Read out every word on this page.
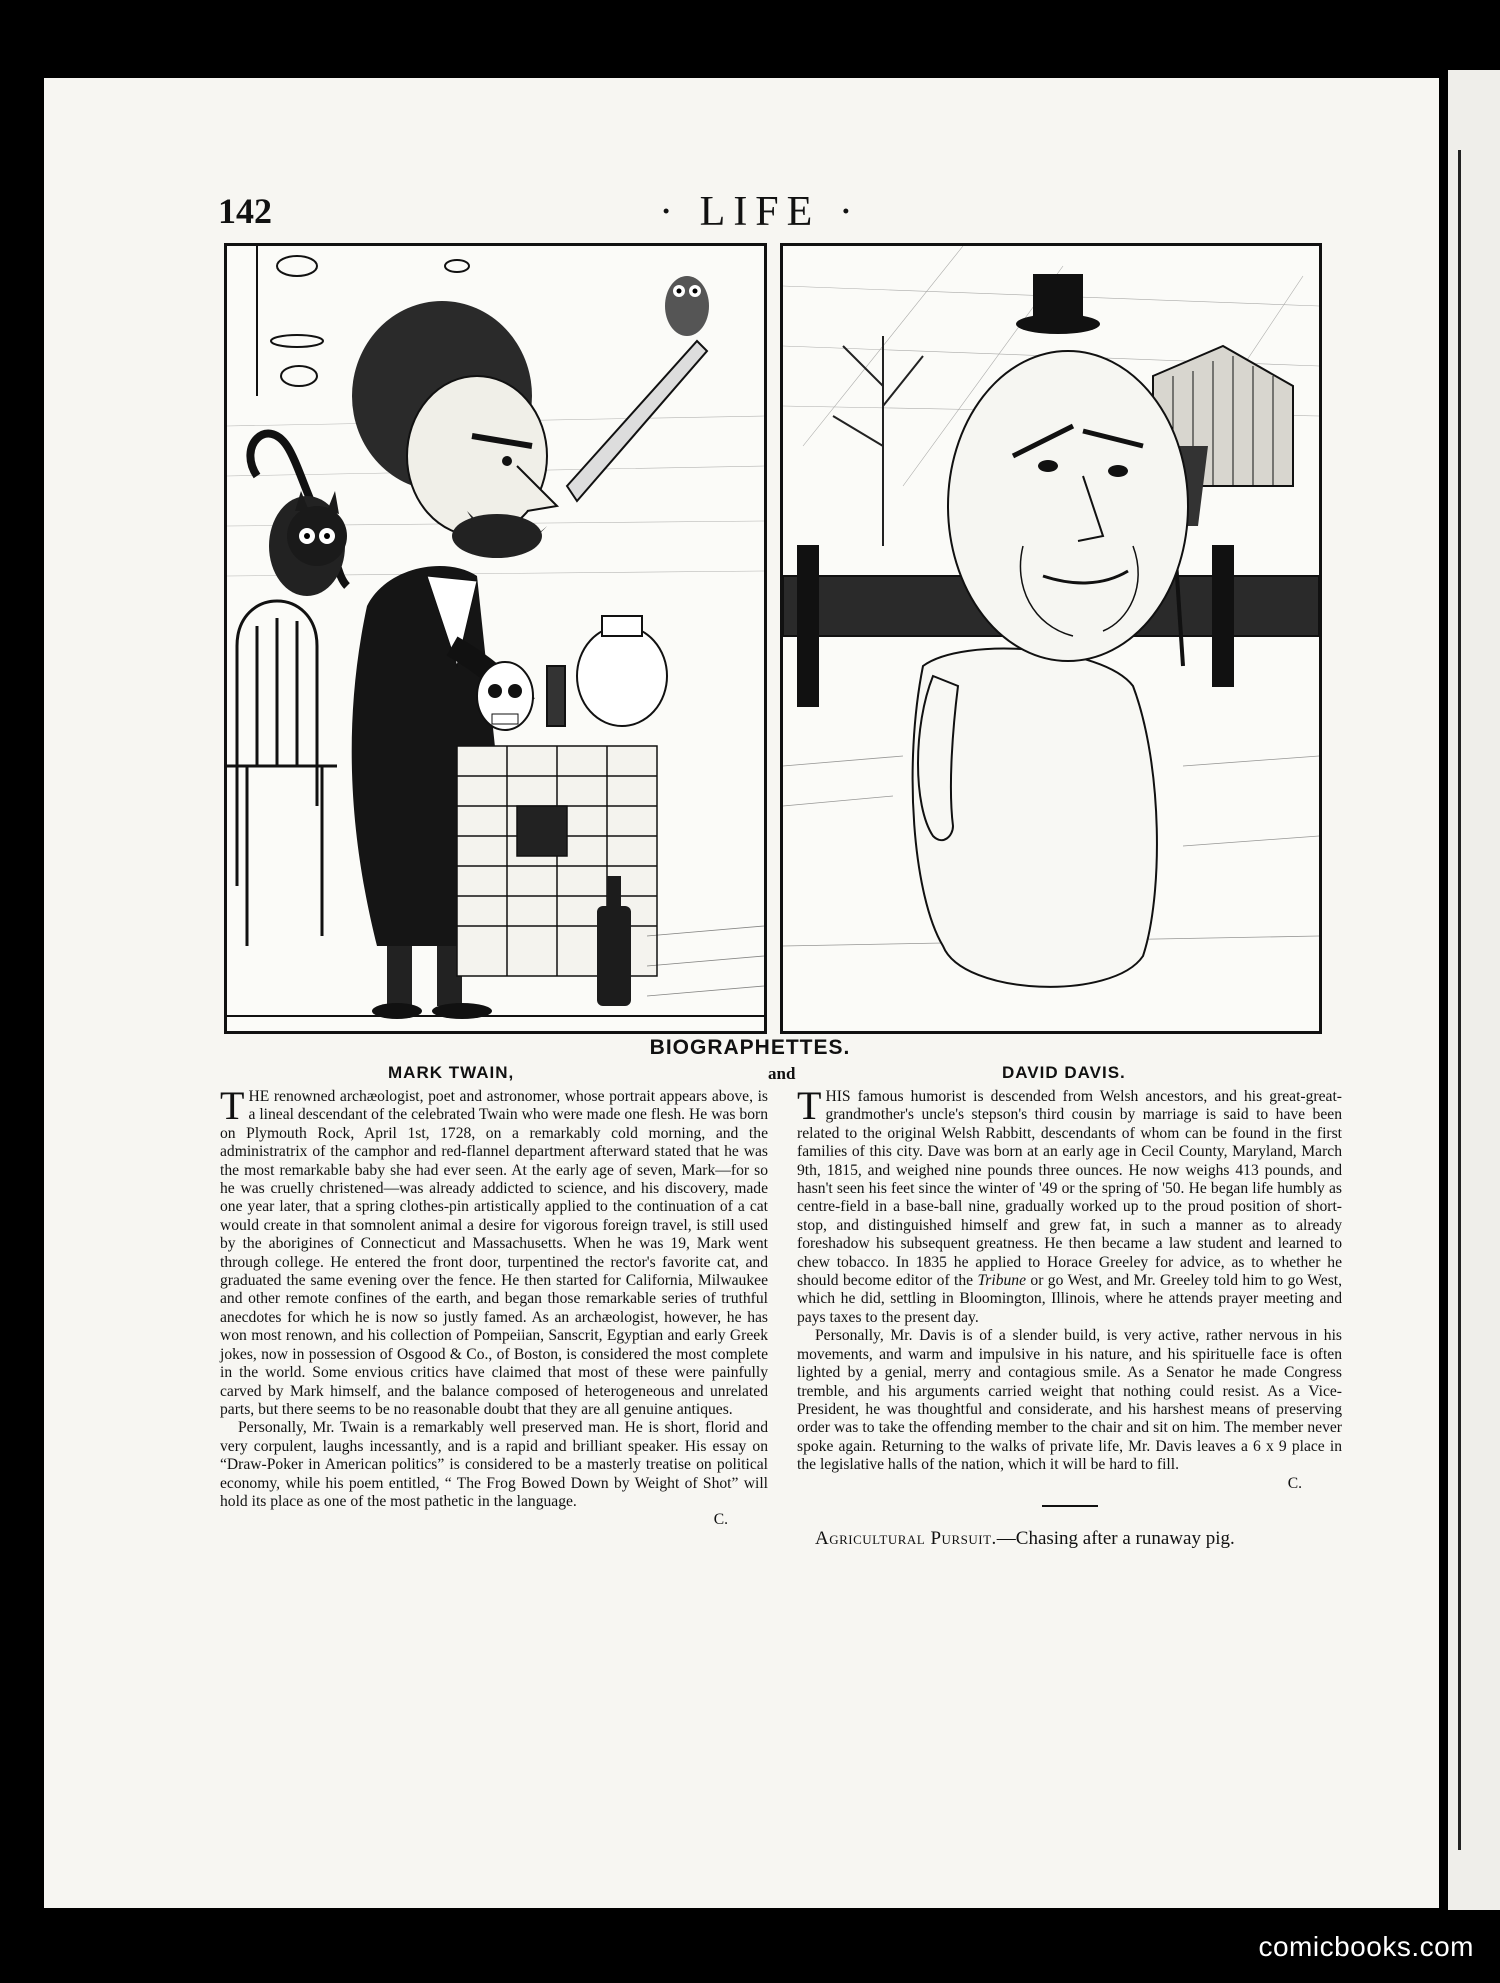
142	· LIFE ·
BIOGRAPHETTES.
MARK TWAIN,	and	DAVID DAVIS.

THE renowned archæologist, poet and astronomer, whose portrait appears above, is a lineal descendant of the celebrated Twain who were made one flesh. He was born on Plymouth Rock, April 1st, 1728, on a remarkably cold morning, and the administratrix of the camphor and red-flannel department afterward stated that he was the most remarkable baby she had ever seen. At the early age of seven, Mark—for so he was cruelly christened—was already addicted to science, and his discovery, made one year later, that a spring clothes-pin artistically applied to the continuation of a cat would create in that somnolent animal a desire for vigorous foreign travel, is still used by the aborigines of Connecticut and Massachusetts. When he was 19, Mark went through college. He entered the front door, turpentined the rector's favorite cat, and graduated the same evening over the fence. He then started for California, Milwaukee and other remote confines of the earth, and began those remarkable series of truthful anecdotes for which he is now so justly famed. As an archæologist, however, he has won most renown, and his collection of Pompeiian, Sanscrit, Egyptian and early Greek jokes, now in possession of Osgood & Co., of Boston, is considered the most complete in the world. Some envious critics have claimed that most of these were painfully carved by Mark himself, and the balance composed of heterogeneous and unrelated parts, but there seems to be no reasonable doubt that they are all genuine antiques.

Personally, Mr. Twain is a remarkably well preserved man. He is short, florid and very corpulent, laughs incessantly, and is a rapid and brilliant speaker. His essay on “Draw-Poker in American politics” is considered to be a masterly treatise on political economy, while his poem entitled, “ The Frog Bowed Down by Weight of Shot” will hold its place as one of the most pathetic in the language.
C.

THIS famous humorist is descended from Welsh ancestors, and his great-great-grandmother's uncle's stepson's third cousin by marriage is said to have been related to the original Welsh Rabbitt, descendants of whom can be found in the first families of this city. Dave was born at an early age in Cecil County, Maryland, March 9th, 1815, and weighed nine pounds three ounces. He now weighs 413 pounds, and hasn't seen his feet since the winter of '49 or the spring of '50. He began life humbly as centre-field in a base-ball nine, gradually worked up to the proud position of short-stop, and distinguished himself and grew fat, in such a manner as to already foreshadow his subsequent greatness. He then became a law student and learned to chew tobacco. In 1835 he applied to Horace Greeley for advice, as to whether he should become editor of the Tribune or go West, and Mr. Greeley told him to go West, which he did, settling in Bloomington, Illinois, where he attends prayer meeting and pays taxes to the present day.

Personally, Mr. Davis is of a slender build, is very active, rather nervous in his movements, and warm and impulsive in his nature, and his spirituelle face is often lighted by a genial, merry and contagious smile. As a Senator he made Congress tremble, and his arguments carried weight that nothing could resist. As a Vice-President, he was thoughtful and considerate, and his harshest means of preserving order was to take the offending member to the chair and sit on him. The member never spoke again. Returning to the walks of private life, Mr. Davis leaves a 6 x 9 place in the legislative halls of the nation, which it will be hard to fill.
C.

Agricultural Pursuit.—Chasing after a runaway pig.

comicbooks.com
